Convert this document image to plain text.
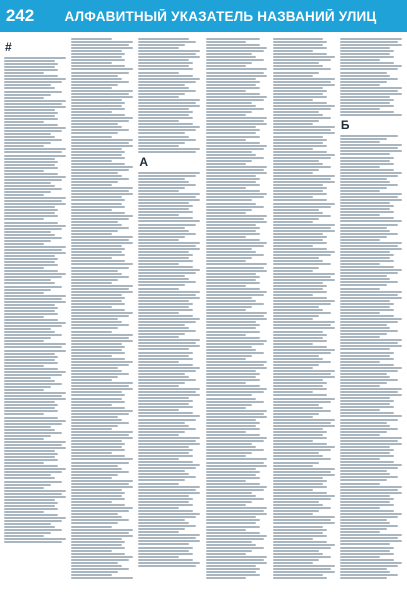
242	АЛФАВИТНЫЙ УКАЗАТЕЛЬ НАЗВАНИЙ УЛИЦ
#
А
Б
